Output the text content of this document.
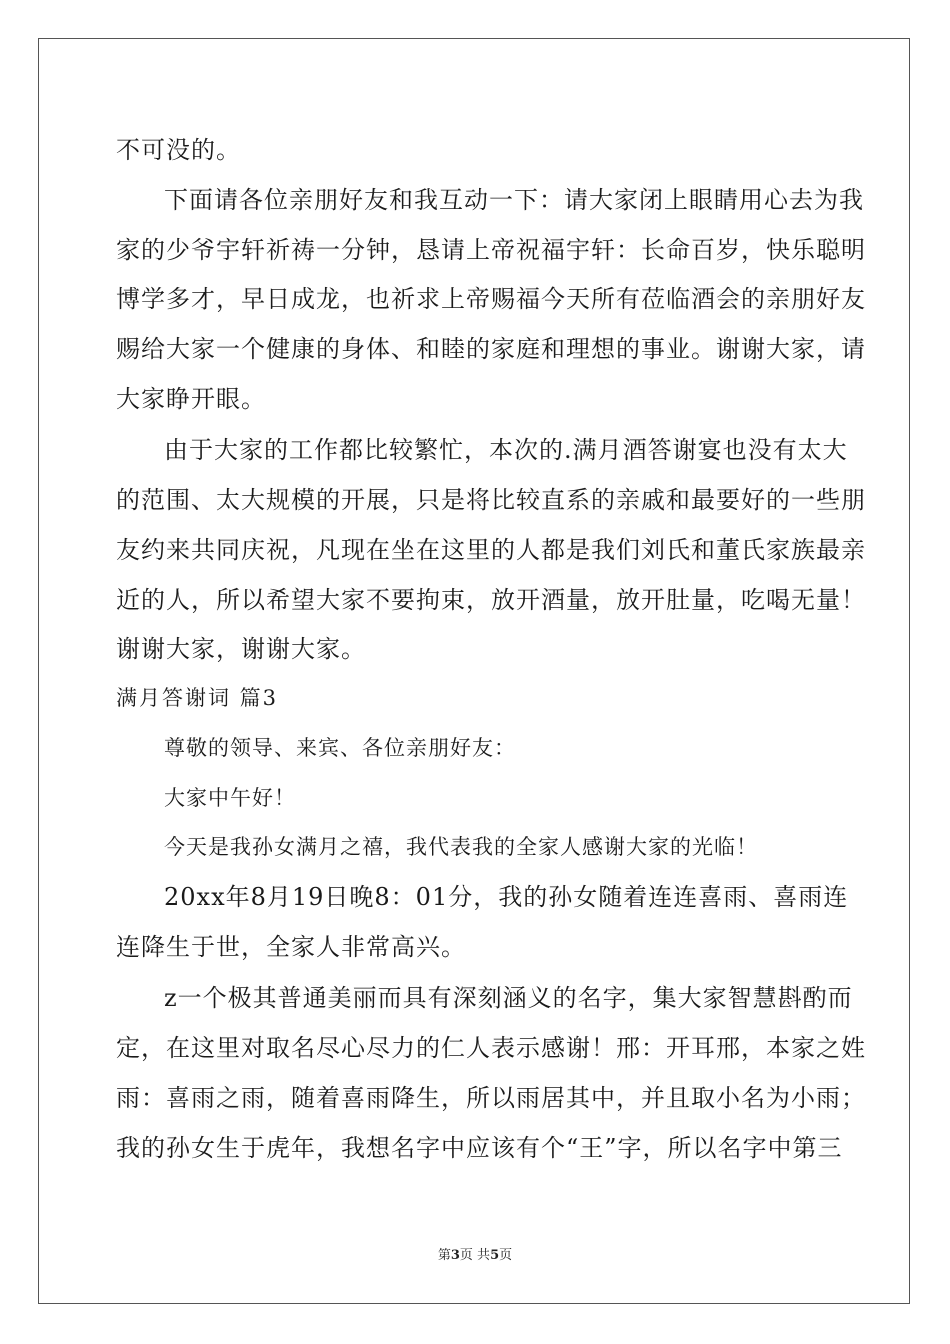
不可没的。
下面请各位亲朋好友和我互动一下：请大家闭上眼睛用心去为我
家的少爷宇轩祈祷一分钟，恳请上帝祝福宇轩：长命百岁，快乐聪明
博学多才，早日成龙，也祈求上帝赐福今天所有莅临酒会的亲朋好友
赐给大家一个健康的身体、和睦的家庭和理想的事业。谢谢大家，请
大家睁开眼。
由于大家的工作都比较繁忙，本次的.满月酒答谢宴也没有太大
的范围、太大规模的开展，只是将比较直系的亲戚和最要好的一些朋
友约来共同庆祝，凡现在坐在这里的人都是我们刘氏和董氏家族最亲
近的人，所以希望大家不要拘束，放开酒量，放开肚量，吃喝无量！
谢谢大家，谢谢大家。
满月答谢词 篇3
尊敬的领导、来宾、各位亲朋好友：
大家中午好！
今天是我孙女满月之禧，我代表我的全家人感谢大家的光临！
20xx年8月19日晚8：01分，我的孙女随着连连喜雨、喜雨连
连降生于世，全家人非常高兴。
z一个极其普通美丽而具有深刻涵义的名字，集大家智慧斟酌而
定，在这里对取名尽心尽力的仁人表示感谢！邢：开耳邢，本家之姓
雨：喜雨之雨，随着喜雨降生，所以雨居其中，并且取小名为小雨；
我的孙女生于虎年，我想名字中应该有个“王”字，所以名字中第三
第3页 共5页
